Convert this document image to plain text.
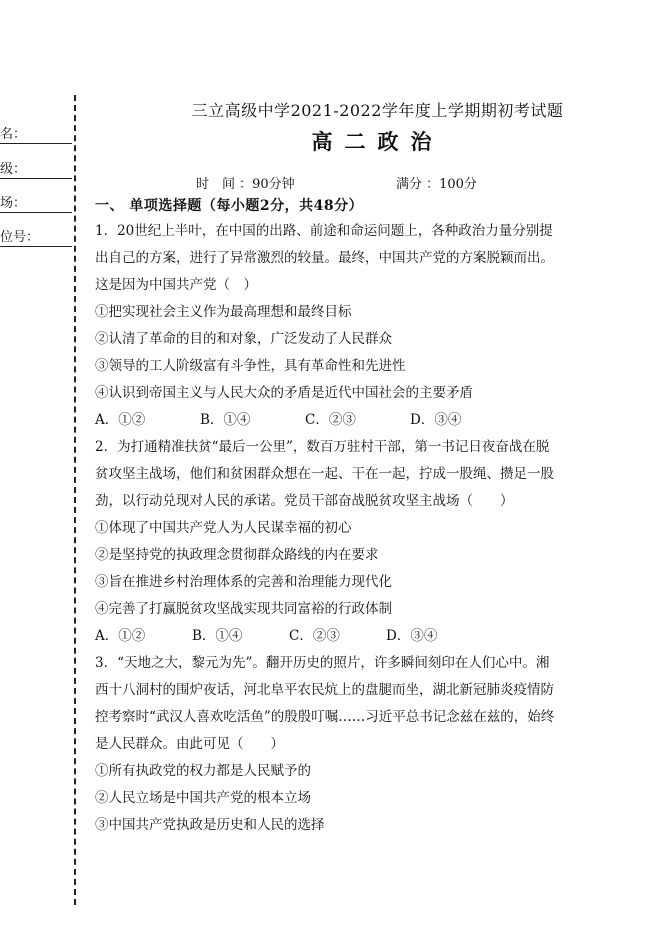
名：
级：
场：
位号：
三立高级中学2021-2022学年度上学期期初考试题
高二政治
时　间 ：90分钟	满分 ：100分
一、 单项选择题（每小题2分，共48分）
1．20世纪上半叶，在中国的出路、前途和命运问题上，各种政治力量分别提
出自己的方案，进行了异常激烈的较量。最终，中国共产党的方案脱颖而出。
这是因为中国共产党（　）
①把实现社会主义作为最高理想和最终目标
②认清了革命的目的和对象，广泛发动了人民群众
③领导的工人阶级富有斗争性，具有革命性和先进性
④认识到帝国主义与人民大众的矛盾是近代中国社会的主要矛盾
A．①②	B．①④	C．②③	D．③④
2．为打通精准扶贫“最后一公里”，数百万驻村干部，第一书记日夜奋战在脱
贫攻坚主战场，他们和贫困群众想在一起、干在一起，拧成一股绳、攒足一股
劲，以行动兑现对人民的承诺。党员干部奋战脱贫攻坚主战场（　　）
①体现了中国共产党人为人民谋幸福的初心
②是坚持党的执政理念贯彻群众路线的内在要求
③旨在推进乡村治理体系的完善和治理能力现代化
④完善了打赢脱贫攻坚战实现共同富裕的行政体制
A．①②	B．①④	C．②③	D．③④
3．“天地之大，黎元为先”。翻开历史的照片，许多瞬间刻印在人们心中。湘
西十八洞村的围炉夜话，河北阜平农民炕上的盘腿而坐，湖北新冠肺炎疫情防
控考察时“武汉人喜欢吃活鱼”的殷殷叮嘱……习近平总书记念兹在兹的，始终
是人民群众。由此可见（　　）
①所有执政党的权力都是人民赋予的
②人民立场是中国共产党的根本立场
③中国共产党执政是历史和人民的选择
